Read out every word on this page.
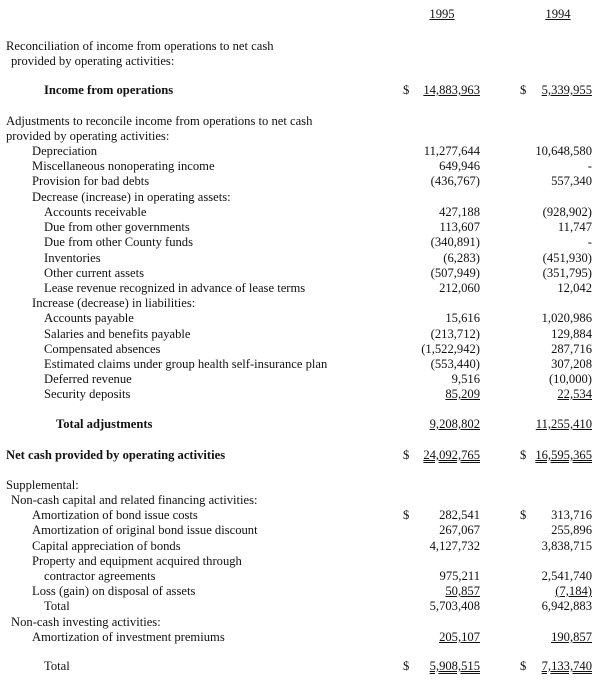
1995	1994
Reconciliation of income from operations to net cash
provided by operating activities:
Income from operations	$	14,883,963	$	5,339,955
Adjustments to reconcile income from operations to net cash
provided by operating activities:
Depreciation	11,277,644	10,648,580
Miscellaneous nonoperating income	649,946	-
Provision for bad debts	(436,767)	557,340
Decrease (increase) in operating assets:
Accounts receivable	427,188	(928,902)
Due from other governments	113,607	11,747
Due from other County funds	(340,891)	-
Inventories	(6,283)	(451,930)
Other current assets	(507,949)	(351,795)
Lease revenue recognized in advance of lease terms	212,060	12,042
Increase (decrease) in liabilities:
Accounts payable	15,616	1,020,986
Salaries and benefits payable	(213,712)	129,884
Compensated absences	(1,522,942)	287,716
Estimated claims under group health self-insurance plan	(553,440)	307,208
Deferred revenue	9,516	(10,000)
Security deposits	85,209	22,534
Total adjustments	9,208,802	11,255,410
Net cash provided by operating activities	$	24,092,765	$ 16,595,365
Supplemental:
Non-cash capital and related financing activities:
Amortization of bond issue costs	$	282,541	$	313,716
Amortization of original bond issue discount	267,067	255,896
Capital appreciation of bonds	4,127,732	3,838,715
Property and equipment acquired through
contractor agreements	975,211	2,541,740
Loss (gain) on disposal of assets	50,857	(7,184)
Total	5,703,408	6,942,883
Non-cash investing activities:
Amortization of investment premiums	205,107	190,857
Total	$	5,908,515	$	7,133,740
